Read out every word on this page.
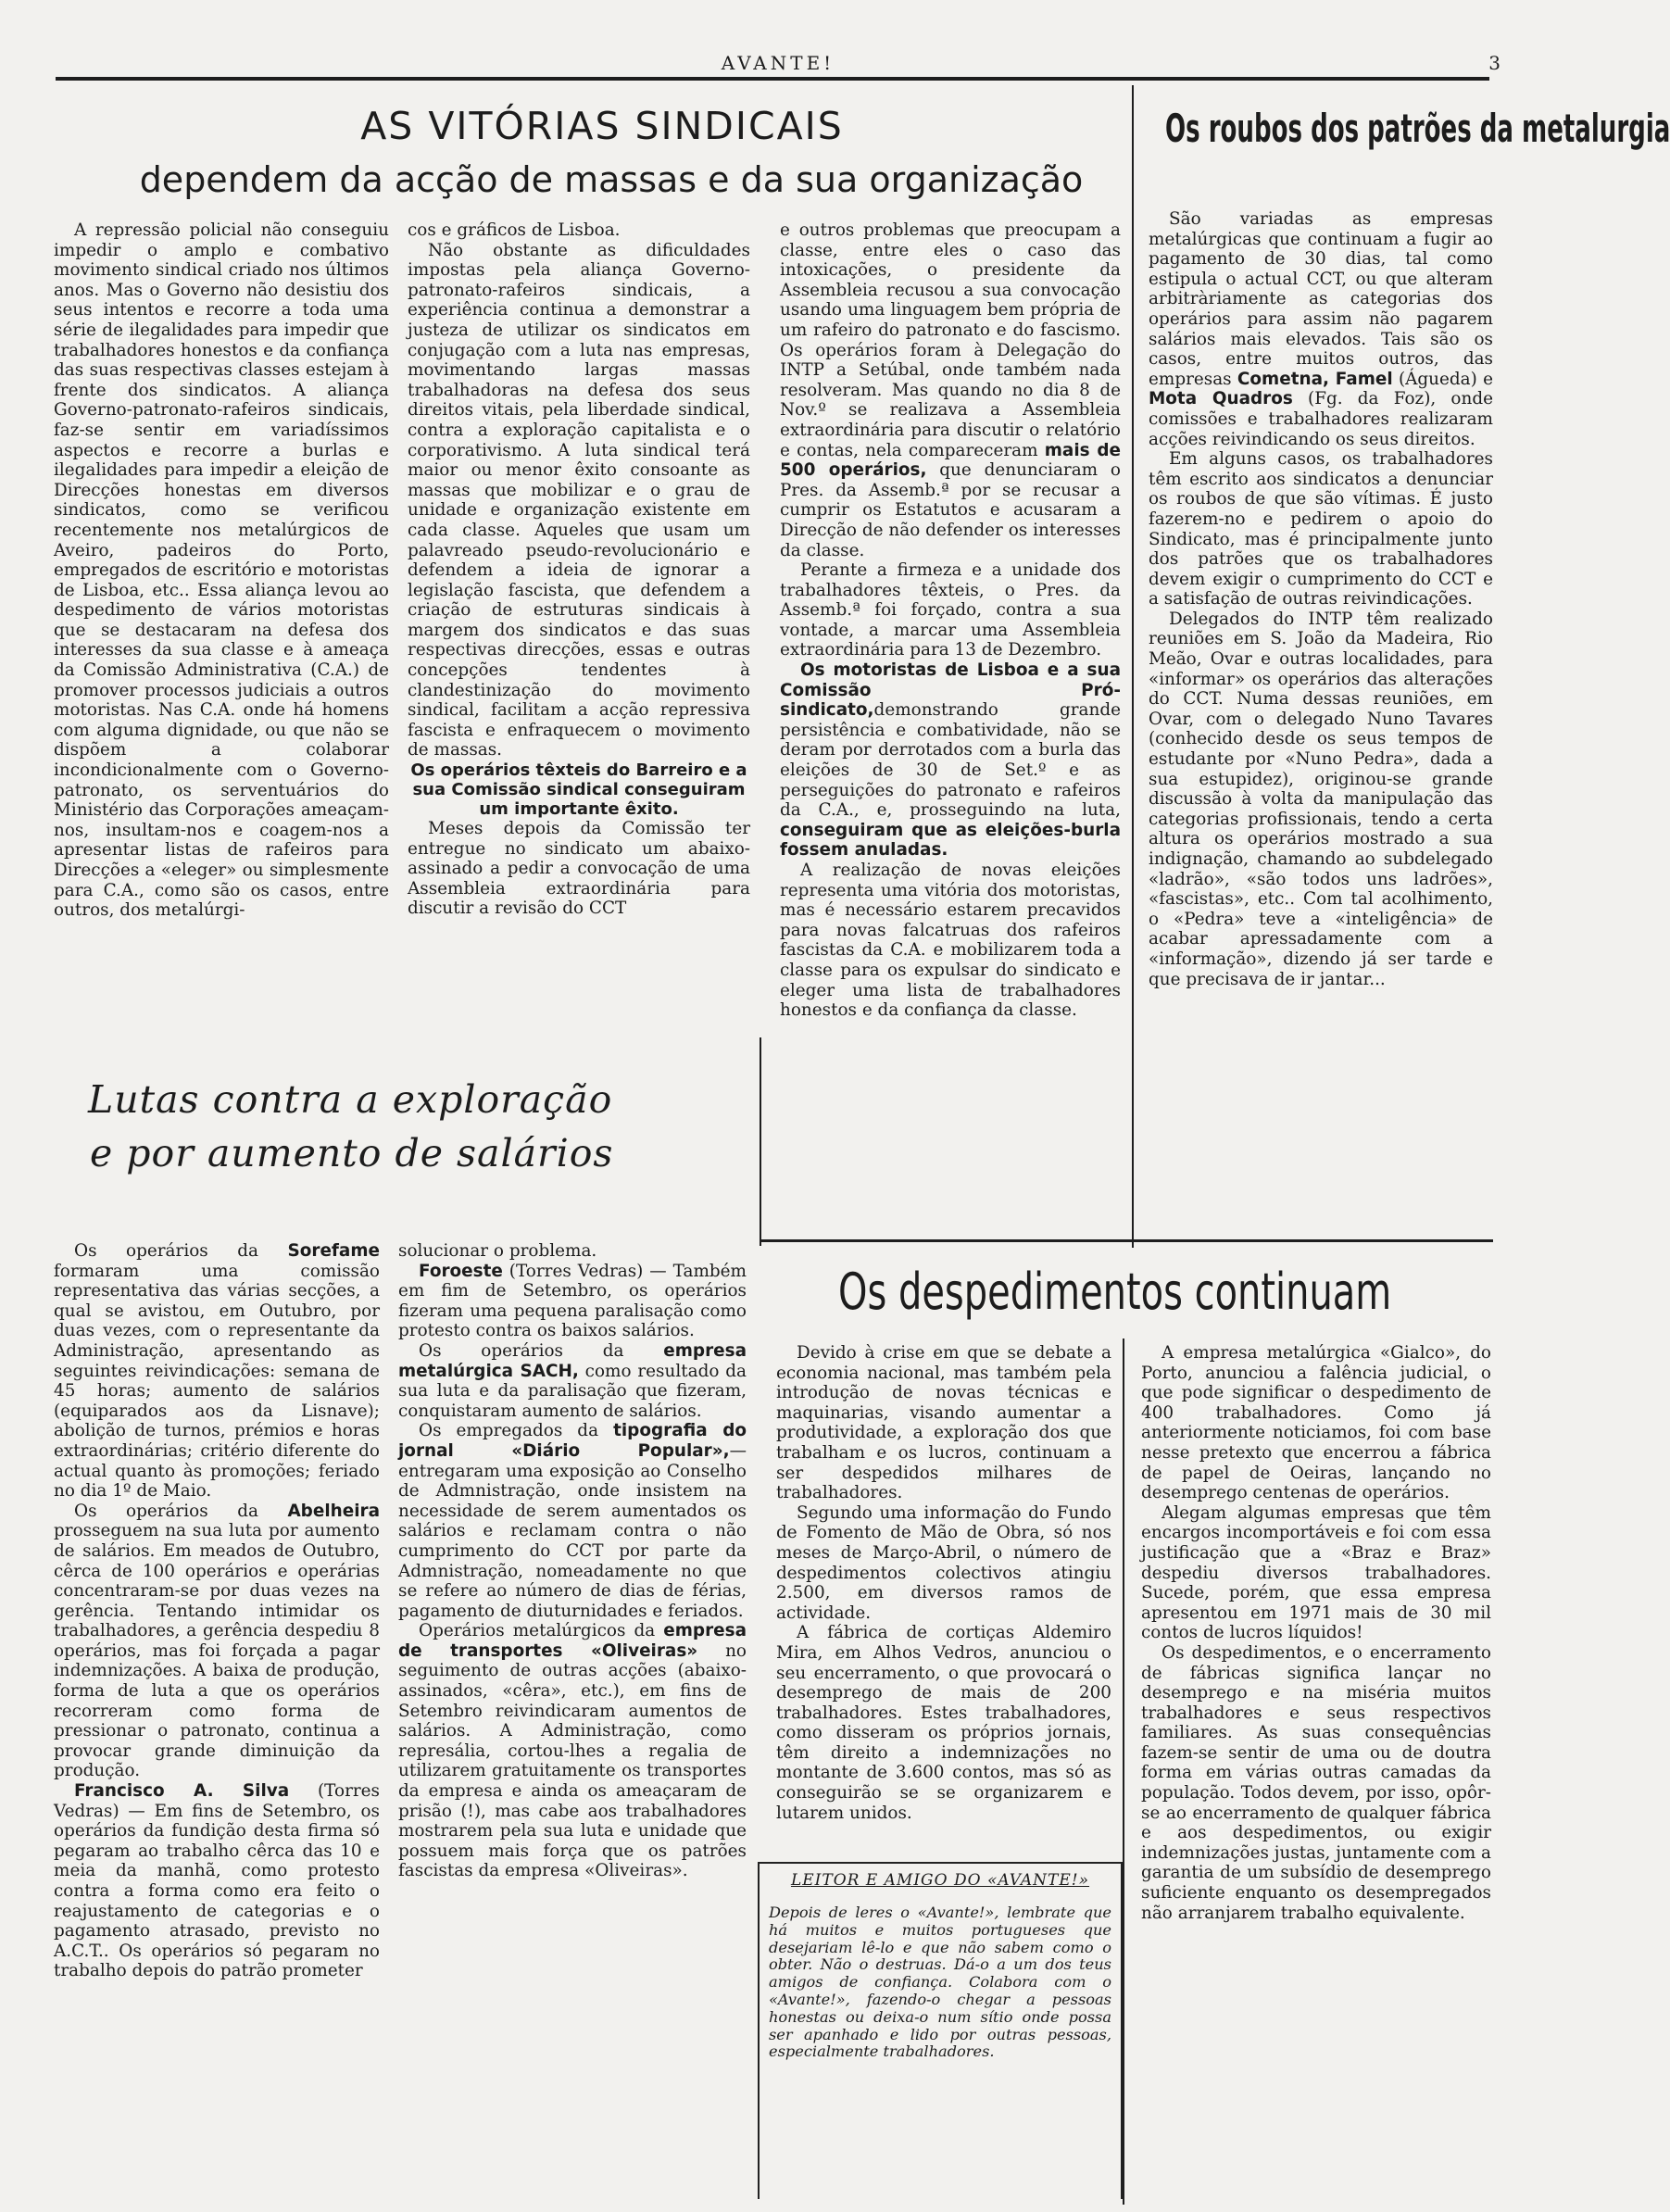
AVANTE!	3
AS VITÓRIAS SINDICAIS
dependem da acção de massas e da sua organização

A repressão policial não conseguiu impedir o amplo e combativo movimento sindical criado nos últimos anos. Mas o Governo não desistiu dos seus intentos e recorre a toda uma série de ilegalidades para impedir que trabalhadores honestos e da confiança das suas respectivas classes estejam à frente dos sindicatos. A aliança Governo-patronato-rafeiros sindicais, faz-se sentir em variadíssimos aspectos e recorre a burlas e ilegalidades para impedir a eleição de Direcções honestas em diversos sindicatos, como se verificou recentemente nos metalúrgicos de Aveiro, padeiros do Porto, empregados de escritório e motoristas de Lisboa, etc.. Essa aliança levou ao despedimento de vários motoristas que se destacaram na defesa dos interesses da sua classe e à ameaça da Comissão Administrativa (C.A.) de promover processos judiciais a outros motoristas. Nas C.A. onde há homens com alguma dignidade, ou que não se dispõem a colaborar incondicionalmente com o Governo-patronato, os serventuários do Ministério das Corporações ameaçam-nos, insultam-nos e coagem-nos a apresentar listas de rafeiros para Direcções a «eleger» ou simplesmente para C.A., como são os casos, entre outros, dos metalúrgi-

cos e gráficos de Lisboa.

Não obstante as dificuldades impostas pela aliança Governo-patronato-rafeiros sindicais, a experiência continua a demonstrar a justeza de utilizar os sindicatos em conjugação com a luta nas empresas, movimentando largas massas trabalhadoras na defesa dos seus direitos vitais, pela liberdade sindical, contra a exploração capitalista e o corporativismo. A luta sindical terá maior ou menor êxito consoante as massas que mobilizar e o grau de unidade e organização existente em cada classe. Aqueles que usam um palavreado pseudo-revolucionário e defendem a ideia de ignorar a legislação fascista, que defendem a criação de estruturas sindicais à margem dos sindicatos e das suas respectivas direcções, essas e outras concepções tendentes à clandestinização do movimento sindical, facilitam a acção repressiva fascista e enfraquecem o movimento de massas.

Os operários têxteis do Barreiro e a sua Comissão sindical conseguiram um importante êxito.

Meses depois da Comissão ter entregue no sindicato um abaixo-assinado a pedir a convocação de uma Assembleia extraordinária para discutir a revisão do CCT

e outros problemas que preocupam a classe, entre eles o caso das intoxicações, o presidente da Assembleia recusou a sua convocação usando uma linguagem bem própria de um rafeiro do patronato e do fascismo. Os operários foram à Delegação do INTP a Setúbal, onde também nada resolveram. Mas quando no dia 8 de Nov.º se realizava a Assembleia extraordinária para discutir o relatório e contas, nela compareceram mais de 500 operários, que denunciaram o Pres. da Assemb.ª por se recusar a cumprir os Estatutos e acusaram a Direcção de não defender os interesses da classe.

Perante a firmeza e a unidade dos trabalhadores têxteis, o Pres. da Assemb.ª foi forçado, contra a sua vontade, a marcar uma Assembleia extraordinária para 13 de Dezembro.

Os motoristas de Lisboa e a sua Comissão Pró-sindicato,demonstrando grande persistência e combatividade, não se deram por derrotados com a burla das eleições de 30 de Set.º e as perseguições do patronato e rafeiros da C.A., e, prosseguindo na luta, conseguiram que as eleições-burla fossem anuladas.

A realização de novas eleições representa uma vitória dos motoristas, mas é necessário estarem precavidos para novas falcatruas dos rafeiros fascistas da C.A. e mobilizarem toda a classe para os expulsar do sindicato e eleger uma lista de trabalhadores honestos e da confiança da classe.

Os roubos dos patrões da metalurgia

São variadas as empresas metalúrgicas que continuam a fugir ao pagamento de 30 dias, tal como estipula o actual CCT, ou que alteram arbitràriamente as categorias dos operários para assim não pagarem salários mais elevados. Tais são os casos, entre muitos outros, das empresas Cometna, Famel (Águeda) e Mota Quadros (Fg. da Foz), onde comissões e trabalhadores realizaram acções reivindicando os seus direitos.

Em alguns casos, os trabalhadores têm escrito aos sindicatos a denunciar os roubos de que são vítimas. É justo fazerem-no e pedirem o apoio do Sindicato, mas é principalmente junto dos patrões que os trabalhadores devem exigir o cumprimento do CCT e a satisfação de outras reivindicações.

Delegados do INTP têm realizado reuniões em S. João da Madeira, Rio Meão, Ovar e outras localidades, para «informar» os operários das alterações do CCT. Numa dessas reuniões, em Ovar, com o delegado Nuno Tavares (conhecido desde os seus tempos de estudante por «Nuno Pedra», dada a sua estupidez), originou-se grande discussão à volta da manipulação das categorias profissionais, tendo a certa altura os operários mostrado a sua indignação, chamando ao subdelegado «ladrão», «são todos uns ladrões», «fascistas», etc.. Com tal acolhimento, o «Pedra» teve a «inteligência» de acabar apressadamente com a «informação», dizendo já ser tarde e que precisava de ir jantar...

Lutas contra a exploração
e por aumento de salários

Os operários da Sorefame formaram uma comissão representativa das várias secções, a qual se avistou, em Outubro, por duas vezes, com o representante da Administração, apresentando as seguintes reivindicações: semana de 45 horas; aumento de salários (equiparados aos da Lisnave); abolição de turnos, prémios e horas extraordinárias; critério diferente do actual quanto às promoções; feriado no dia 1º de Maio.

Os operários da Abelheira prosseguem na sua luta por aumento de salários. Em meados de Outubro, cêrca de 100 operários e operárias concentraram-se por duas vezes na gerência. Tentando intimidar os trabalhadores, a gerência despediu 8 operários, mas foi forçada a pagar indemnizações. A baixa de produção, forma de luta a que os operários recorreram como forma de pressionar o patronato, continua a provocar grande diminuição da produção.

Francisco A. Silva (Torres Vedras) — Em fins de Setembro, os operários da fundição desta firma só pegaram ao trabalho cêrca das 10 e meia da manhã, como protesto contra a forma como era feito o reajustamento de categorias e o pagamento atrasado, previsto no A.C.T.. Os operários só pegaram no trabalho depois do patrão prometer

solucionar o problema.

Foroeste (Torres Vedras) — Também em fim de Setembro, os operários fizeram uma pequena paralisação como protesto contra os baixos salários.

Os operários da empresa metalúrgica SACH, como resultado da sua luta e da paralisação que fizeram, conquistaram aumento de salários.

Os empregados da tipografia do jornal «Diário Popular»,— entregaram uma exposição ao Conselho de Admnistração, onde insistem na necessidade de serem aumentados os salários e reclamam contra o não cumprimento do CCT por parte da Admnistração, nomeadamente no que se refere ao número de dias de férias, pagamento de diuturnidades e feriados.

Operários metalúrgicos da empresa de transportes «Oliveiras» no seguimento de outras acções (abaixo-assinados, «cêra», etc.), em fins de Setembro reivindicaram aumentos de salários. A Administração, como represália, cortou-lhes a regalia de utilizarem gratuitamente os transportes da empresa e ainda os ameaçaram de prisão (!), mas cabe aos trabalhadores mostrarem pela sua luta e unidade que possuem mais força que os patrões fascistas da empresa «Oliveiras».

Os despedimentos continuam

Devido à crise em que se debate a economia nacional, mas também pela introdução de novas técnicas e maquinarias, visando aumentar a produtividade, a exploração dos que trabalham e os lucros, continuam a ser despedidos milhares de trabalhadores.

Segundo uma informação do Fundo de Fomento de Mão de Obra, só nos meses de Março-Abril, o número de despedimentos colectivos atingiu 2.500, em diversos ramos de actividade.

A fábrica de cortiças Aldemiro Mira, em Alhos Vedros, anunciou o seu encerramento, o que provocará o desemprego de mais de 200 trabalhadores. Estes trabalhadores, como disseram os próprios jornais, têm direito a indemnizações no montante de 3.600 contos, mas só as conseguirão se se organizarem e lutarem unidos.

A empresa metalúrgica «Gialco», do Porto, anunciou a falência judicial, o que pode significar o despedimento de 400 trabalhadores. Como já anteriormente noticiamos, foi com base nesse pretexto que encerrou a fábrica de papel de Oeiras, lançando no desemprego centenas de operários.

Alegam algumas empresas que têm encargos incomportáveis e foi com essa justificação que a «Braz e Braz» despediu diversos trabalhadores. Sucede, porém, que essa empresa apresentou em 1971 mais de 30 mil contos de lucros líquidos!

Os despedimentos, e o encerramento de fábricas significa lançar no desemprego e na miséria muitos trabalhadores e seus respectivos familiares. As suas consequências fazem-se sentir de uma ou de doutra forma em várias outras camadas da população. Todos devem, por isso, opôr-se ao encerramento de qualquer fábrica e aos despedimentos, ou exigir indemnizações justas, juntamente com a garantia de um subsídio de desemprego suficiente enquanto os desempregados não arranjarem trabalho equivalente.

LEITOR E AMIGO DO «AVANTE!»
Depois de leres o «Avante!», lembrate que há muitos e muitos portugueses que desejariam lê-lo e que não sabem como o obter. Não o destruas. Dá-o a um dos teus amigos de confiança. Colabora com o «Avante!», fazendo-o chegar a pessoas honestas ou deixa-o num sítio onde possa ser apanhado e lido por outras pessoas, especialmente trabalhadores.
